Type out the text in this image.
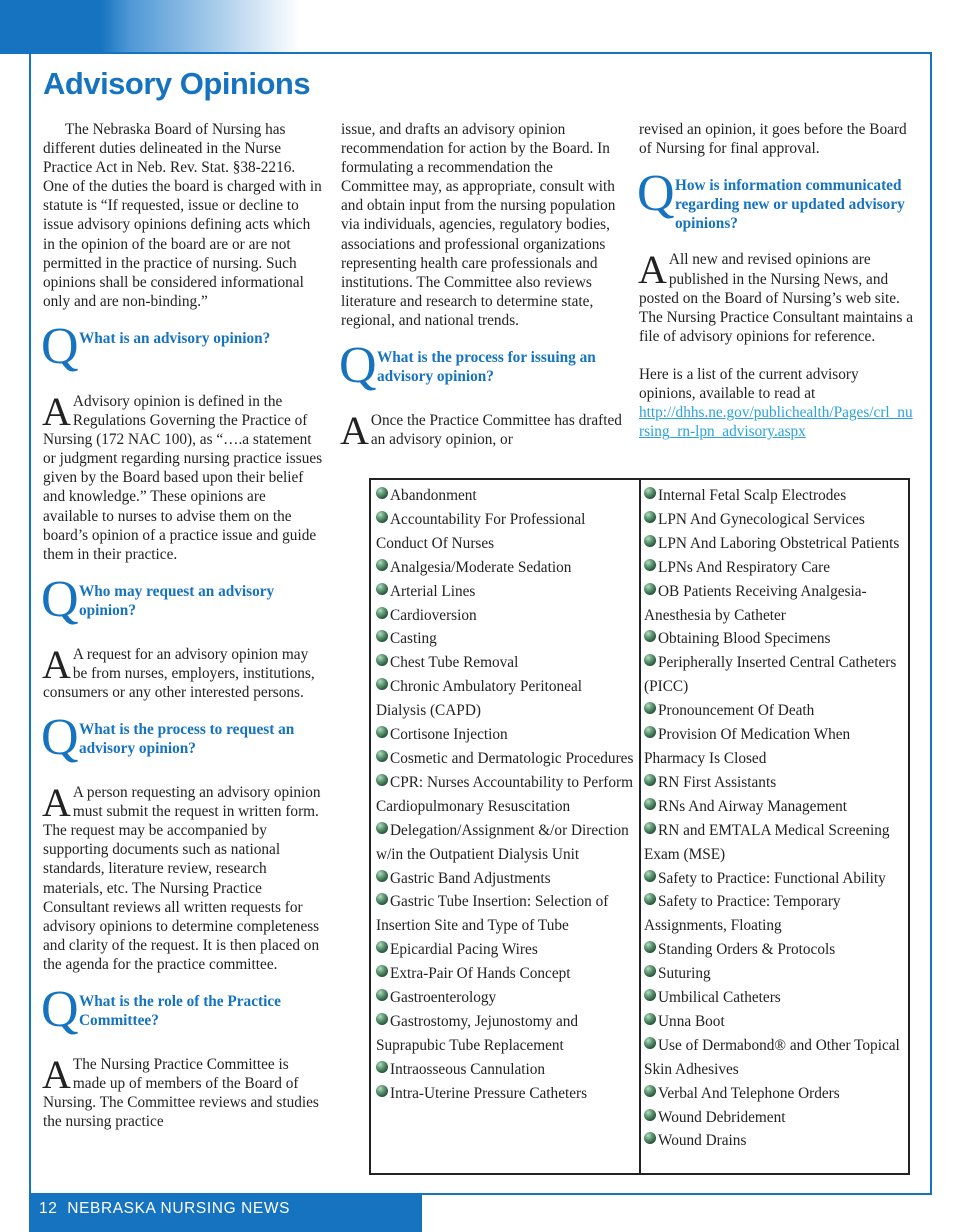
Advisory Opinions

The Nebraska Board of Nursing has different duties delineated in the Nurse Practice Act in Neb. Rev. Stat. §38-2216. One of the duties the board is charged with in statute is “If requested, issue or decline to issue advisory opinions defining acts which in the opinion of the board are or are not permitted in the practice of nursing. Such opinions shall be considered informational only and are non-binding.”

Q What is an advisory opinion?
A Advisory opinion is defined in the Regulations Governing the Practice of Nursing (172 NAC 100), as “….a statement or judgment regarding nursing practice issues given by the Board based upon their belief and knowledge.” These opinions are available to nurses to advise them on the board’s opinion of a practice issue and guide them in their practice.
Q Who may request an advisory opinion?
A A request for an advisory opinion may be from nurses, employers, institutions, consumers or any other interested persons.
Q What is the process to request an advisory opinion?
A A person requesting an advisory opinion must submit the request in written form. The request may be accompanied by supporting documents such as national standards, literature review, research materials, etc. The Nursing Practice Consultant reviews all written requests for advisory opinions to determine completeness and clarity of the request. It is then placed on the agenda for the practice committee.
Q What is the role of the Practice Committee?
A The Nursing Practice Committee is made up of members of the Board of Nursing. The Committee reviews and studies the nursing practice

issue, and drafts an advisory opinion recommendation for action by the Board. In formulating a recommendation the Committee may, as appropriate, consult with and obtain input from the nursing population via individuals, agencies, regulatory bodies, associations and professional organizations representing health care professionals and institutions. The Committee also reviews literature and research to determine state, regional, and national trends.

Q What is the process for issuing an advisory opinion?
A Once the Practice Committee has drafted an advisory opinion, or

revised an opinion, it goes before the Board of Nursing for final approval.

Q How is information communicated regarding new or updated advisory opinions?
A All new and revised opinions are published in the Nursing News, and posted on the Board of Nursing’s web site. The Nursing Practice Consultant maintains a file of advisory opinions for reference.

Here is a list of the current advisory opinions, available to read at

http://dhhs.ne.gov/publichealth/Pages/crl_nursing_rn-lpn_advisory.aspx

Abandonment
Accountability For Professional Conduct Of Nurses
Analgesia/Moderate Sedation
Arterial Lines
Cardioversion
Casting
Chest Tube Removal
Chronic Ambulatory Peritoneal Dialysis (CAPD)
Cortisone Injection
Cosmetic and Dermatologic Procedures
CPR: Nurses Accountability to Perform Cardiopulmonary Resuscitation
Delegation/Assignment &/or Direction w/in the Outpatient Dialysis Unit
Gastric Band Adjustments
Gastric Tube Insertion: Selection of Insertion Site and Type of Tube
Epicardial Pacing Wires
Extra-Pair Of Hands Concept
Gastroenterology
Gastrostomy, Jejunostomy and Suprapubic Tube Replacement
Intraosseous Cannulation
Intra-Uterine Pressure Catheters
Internal Fetal Scalp Electrodes
LPN And Gynecological Services
LPN And Laboring Obstetrical Patients
LPNs And Respiratory Care
OB Patients Receiving Analgesia-Anesthesia by Catheter
Obtaining Blood Specimens
Peripherally Inserted Central Catheters (PICC)
Pronouncement Of Death
Provision Of Medication When Pharmacy Is Closed
RN First Assistants
RNs And Airway Management
RN and EMTALA Medical Screening Exam (MSE)
Safety to Practice: Functional Ability
Safety to Practice: Temporary Assignments, Floating
Standing Orders & Protocols
Suturing
Umbilical Catheters
Unna Boot
Use of Dermabond® and Other Topical Skin Adhesives
Verbal And Telephone Orders
Wound Debridement
Wound Drains
12 NEBRASKA NURSING NEWS
